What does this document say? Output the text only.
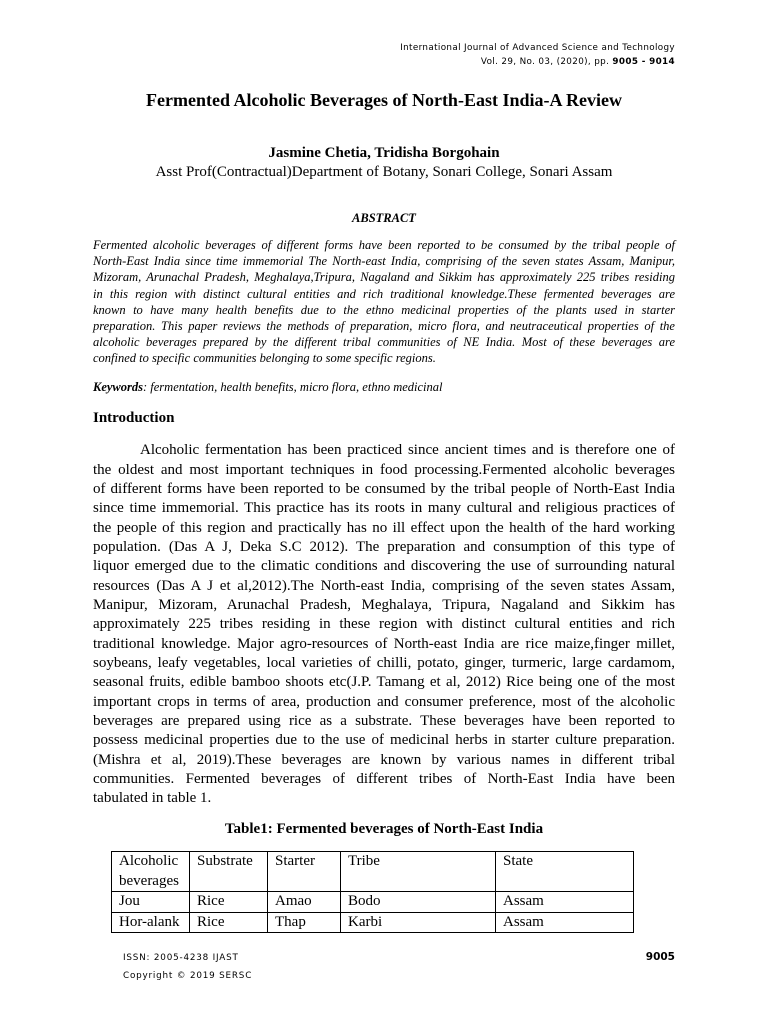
International Journal of Advanced Science and Technology
Vol. 29, No. 03, (2020), pp. 9005 - 9014
Fermented Alcoholic Beverages of North-East India-A Review
Jasmine Chetia, Tridisha Borgohain
Asst Prof(Contractual)Department of Botany, Sonari College, Sonari Assam
ABSTRACT
Fermented alcoholic beverages of different forms have been reported to be consumed by the tribal people of
North-East India since time immemorial The North-east India, comprising of the seven states Assam, Manipur,
Mizoram, Arunachal Pradesh, Meghalaya,Tripura, Nagaland and Sikkim has approximately 225 tribes residing
in this region with distinct cultural entities and rich traditional knowledge.These fermented beverages are
known to have many health benefits due to the ethno medicinal properties of the plants used in starter
preparation. This paper reviews the methods of preparation, micro flora, and neutraceutical properties of the
alcoholic beverages prepared by the different tribal communities of NE India. Most of these beverages are
confined to specific communities belonging to some specific regions.
Keywords: fermentation, health benefits, micro flora, ethno medicinal
Introduction
Alcoholic fermentation has been practiced since ancient times and is therefore one of
the oldest and most important techniques in food processing.Fermented alcoholic beverages
of different forms have been reported to be consumed by the tribal people of North-East India
since time immemorial. This practice has its roots in many cultural and religious practices of
the people of this region and practically has no ill effect upon the health of the hard working
population. (Das A J, Deka S.C 2012). The preparation and consumption of this type of
liquor emerged due to the climatic conditions and discovering the use of surrounding natural
resources (Das A J et al,2012).The North-east India, comprising of the seven states Assam,
Manipur, Mizoram, Arunachal Pradesh, Meghalaya, Tripura, Nagaland and Sikkim has
approximately 225 tribes residing in these region with distinct cultural entities and rich
traditional knowledge. Major agro-resources of North-east India are rice maize,finger millet,
soybeans, leafy vegetables, local varieties of chilli, potato, ginger, turmeric, large cardamom,
seasonal fruits, edible bamboo shoots etc(J.P. Tamang et al, 2012) Rice being one of the most
important crops in terms of area, production and consumer preference, most of the alcoholic
beverages are prepared using rice as a substrate. These beverages have been reported to
possess medicinal properties due to the use of medicinal herbs in starter culture preparation.
(Mishra et al, 2019).These beverages are known by various names in different tribal
communities. Fermented beverages of different tribes of North-East India have been
tabulated in table 1.
Table1: Fermented beverages of North-East India
Alcoholic beverages	Substrate	Starter	Tribe	State
Jou	Rice	Amao	Bodo	Assam
Hor-alank	Rice	Thap	Karbi	Assam
ISSN: 2005-4238 IJAST
Copyright © 2019 SERSC
9005
